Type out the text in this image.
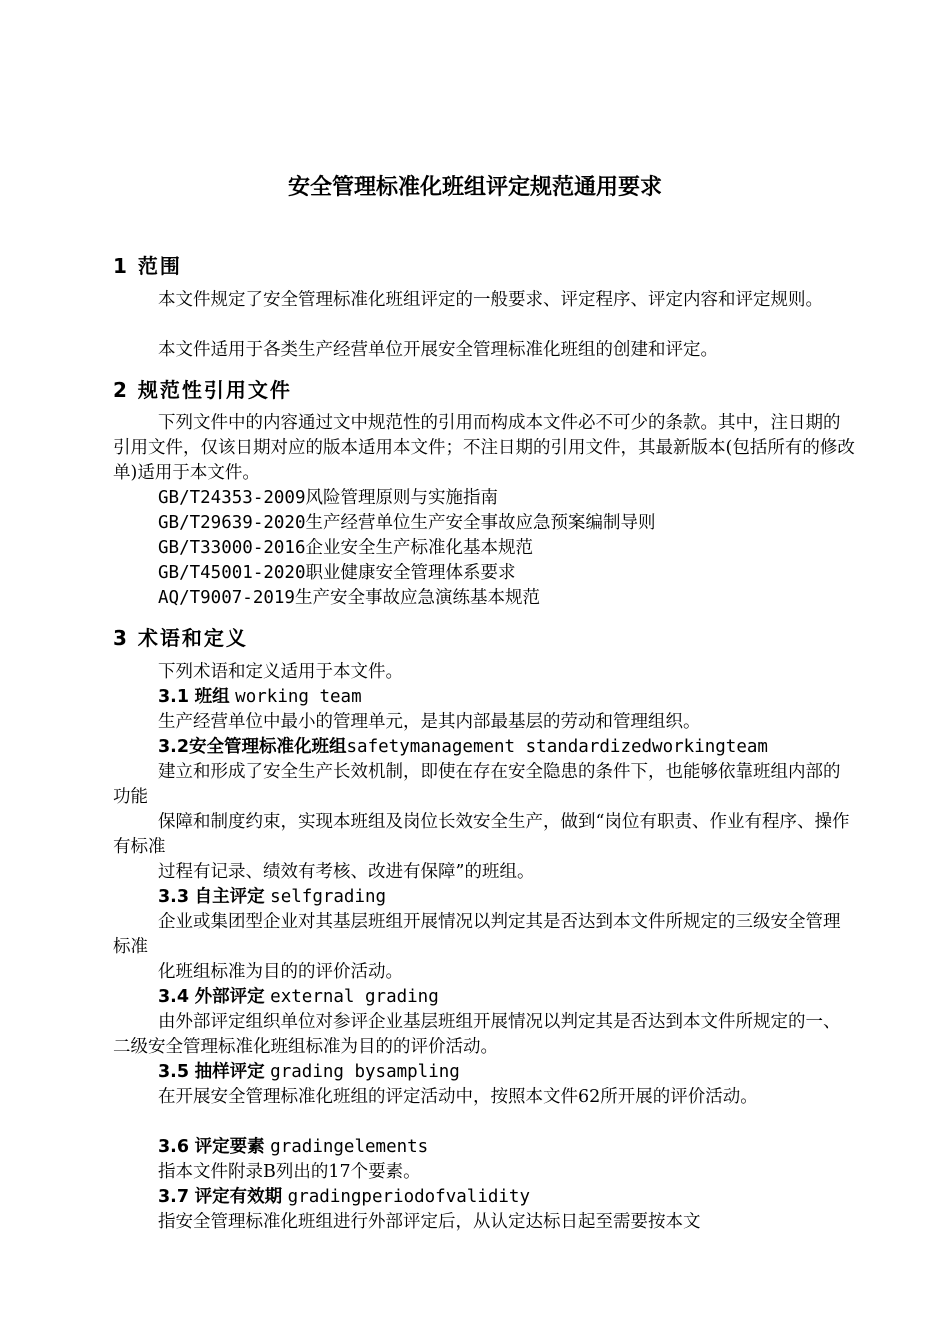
安全管理标准化班组评定规范通用要求
1 范围

本文件规定了安全管理标准化班组评定的一般要求、评定程序、评定内容和评定规则。

本文件适用于各类生产经营单位开展安全管理标准化班组的创建和评定。

2 规范性引用文件

下列文件中的内容通过文中规范性的引用而构成本文件必不可少的条款。其中，注日期的引用文件，仅该日期对应的版本适用本文件；不注日期的引用文件，其最新版本(包括所有的修改单)适用于本文件。

GB/T24353-2009风险管理原则与实施指南
GB/T29639-2020生产经营单位生产安全事故应急预案编制导则
GB/T33000-2016企业安全生产标准化基本规范
GB/T45001-2020职业健康安全管理体系要求
AQ/T9007-2019生产安全事故应急演练基本规范
3 术语和定义
下列术语和定义适用于本文件。
3.1 班组 working team
生产经营单位中最小的管理单元，是其内部最基层的劳动和管理组织。
3.2安全管理标准化班组safetymanagement standardizedworkingteam

建立和形成了安全生产长效机制，即使在存在安全隐患的条件下，也能够依靠班组内部的功能

保障和制度约束，实现本班组及岗位长效安全生产，做到“岗位有职责、作业有程序、操作有标准

过程有记录、绩效有考核、改进有保障”的班组。
3.3 自主评定 selfgrading

企业或集团型企业对其基层班组开展情况以判定其是否达到本文件所规定的三级安全管理标准

化班组标准为目的的评价活动。
3.4 外部评定 external grading

由外部评定组织单位对参评企业基层班组开展情况以判定其是否达到本文件所规定的一、二级安全管理标准化班组标准为目的的评价活动。

3.5 抽样评定 grading bysampling

在开展安全管理标准化班组的评定活动中，按照本文件62所开展的评价活动。

3.6 评定要素 gradingelements
指本文件附录B列出的17个要素。
3.7 评定有效期 gradingperiodofvalidity
指安全管理标准化班组进行外部评定后，从认定达标日起至需要按本文
